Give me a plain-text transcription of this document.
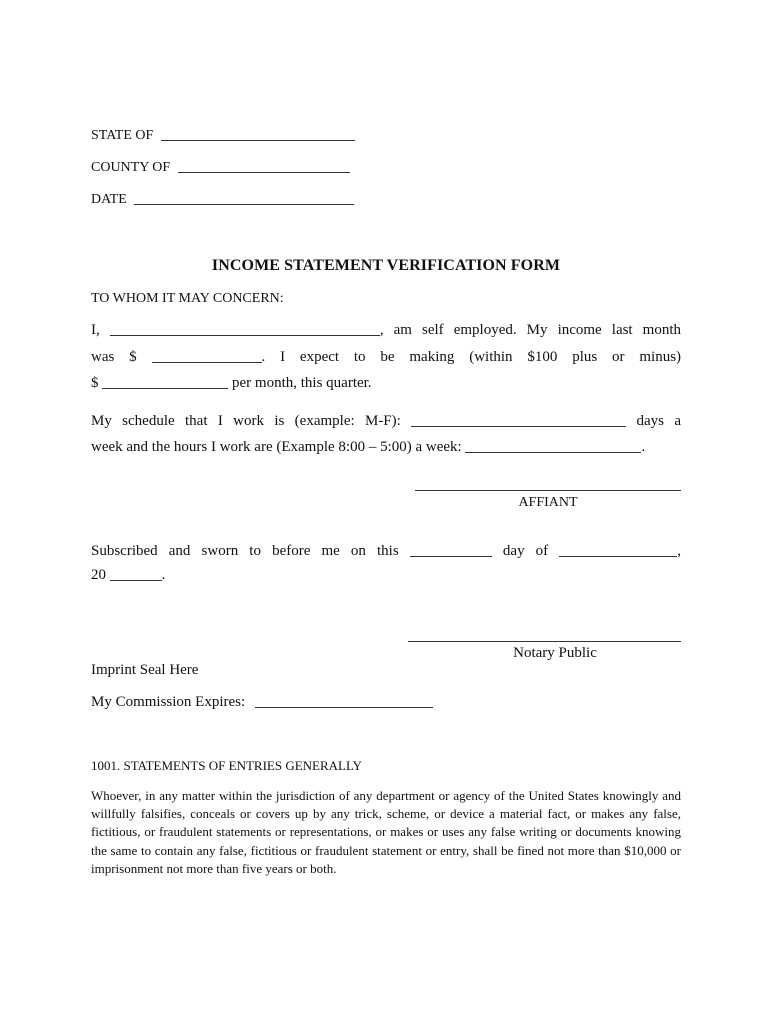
STATE OF
COUNTY OF
DATE
INCOME STATEMENT VERIFICATION FORM
TO WHOM IT MAY CONCERN:
I,	, am self employed. My income last month
was $	. I expect to be making (within $100 plus or minus)
$	per month, this quarter.
My schedule that I work is (example: M-F):	days a
week and the hours I work are (Example 8:00 – 5:00) a week:	.
AFFIANT
Subscribed and sworn to before me on this	day of	,
20	.
Notary Public
Imprint Seal Here
My Commission Expires:
1001. STATEMENTS OF ENTRIES GENERALLY
Whoever, in any matter within the jurisdiction of any department or agency of the United States knowingly and willfully falsifies, conceals or covers up by any trick, scheme, or device a material fact, or makes any false, fictitious, or fraudulent statements or representations, or makes or uses any false writing or documents knowing the same to contain any false, fictitious or fraudulent statement or entry, shall be fined not more than $10,000 or imprisonment not more than five years or both.
